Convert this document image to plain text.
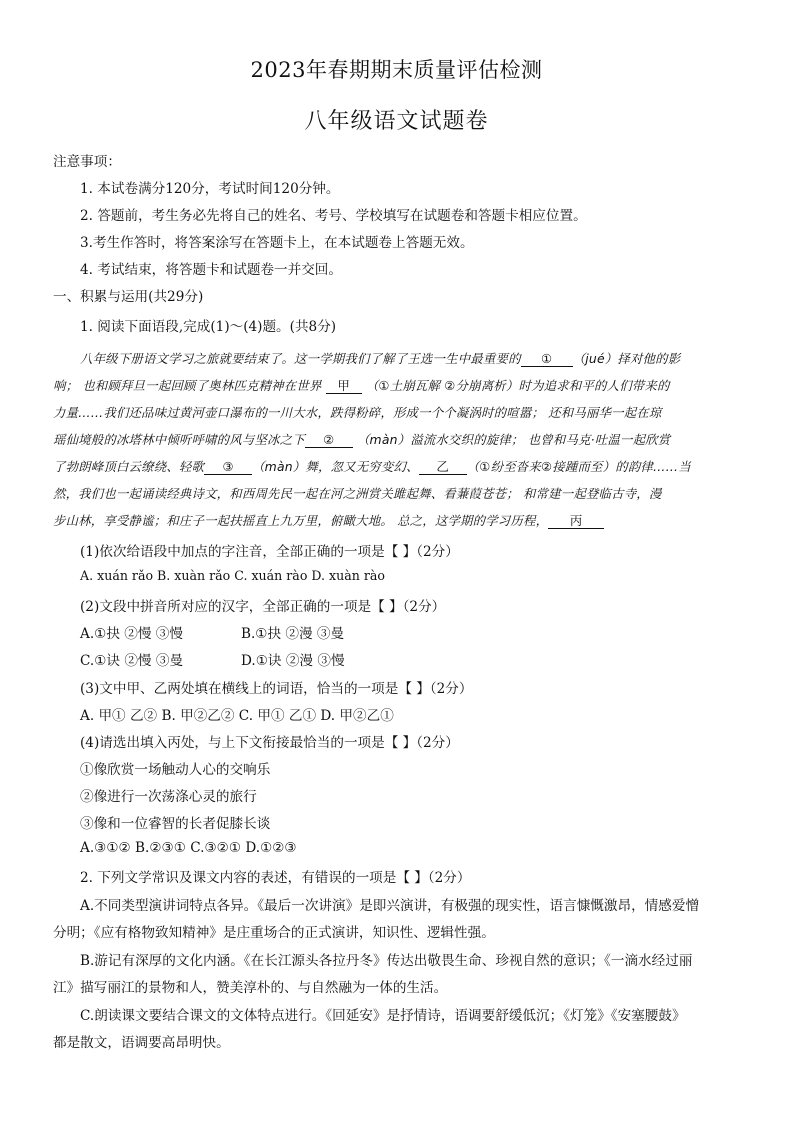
2023年春期期末质量评估检测
八年级语文试题卷
注意事项：
1. 本试卷满分120分，考试时间120分钟。
2. 答题前，考生务必先将自己的姓名、考号、学校填写在试题卷和答题卡相应位置。
3.考生作答时，将答案涂写在答题卡上，在本试题卷上答题无效。
4. 考试结束，将答题卡和试题卷一并交回。
一、积累与运用(共29分)
1. 阅读下面语段,完成(1)～(4)题。(共8分)
八年级下册语文学习之旅就要结束了。这一学期我们了解了王选一生中最重要的 ① （jué）择对他的影
响； 也和顾拜旦一起回顾了奥林匹克精神在世界 甲 （①土崩瓦解 ②分崩离析）时为追求和平的人们带来的
力量……我们还品味过黄河壶口瀑布的一川大水，跌得粉碎，形成一个个凝涡时的喧嚣； 还和马丽华一起在琼
瑶仙境般的冰塔林中倾听呼啸的风与坚冰之下 ② （màn）溢流水交织的旋律； 也曾和马克·吐温一起欣赏
了勃朗峰顶白云缭绕、轻歌 ③ （màn）舞，忽又无穷变幻、 乙 （①纷至沓来②接踵而至）的韵律……当
然，我们也一起诵读经典诗文，和西周先民一起在河之洲赏关雎起舞、看蒹葭苍苍； 和常建一起登临古寺，漫
步山林，享受静谧；和庄子一起扶摇直上九万里，俯瞰大地。 总之，这学期的学习历程， 丙
(1)依次给语段中加点的字注音，全部正确的一项是【 】（2分）
A. xuán rǎo B. xuàn rǎo C. xuán rào D. xuàn rào
(2)文段中拼音所对应的汉字，全部正确的一项是【 】（2分）
A.①抉 ②慢 ③慢	B.①抉 ②漫 ③曼
C.①诀 ②慢 ③曼	D.①诀 ②漫 ③慢
(3)文中甲、乙两处填在横线上的词语，恰当的一项是【 】（2分）
A. 甲① 乙② B. 甲②乙② C. 甲① 乙① D. 甲②乙①
(4)请选出填入丙处，与上下文衔接最恰当的一项是【 】（2分）
①像欣赏一场触动人心的交响乐
②像进行一次荡涤心灵的旅行
③像和一位睿智的长者促膝长谈
A.③①② B.②③① C.③②① D.①②③
2. 下列文学常识及课文内容的表述，有错误的一项是【 】（2分）
A.不同类型演讲词特点各异。《最后一次讲演》是即兴演讲，有极强的现实性，语言慷慨激昂，情感爱憎
分明；《应有格物致知精神》是庄重场合的正式演讲，知识性、逻辑性强。
B.游记有深厚的文化内涵。《在长江源头各拉丹冬》传达出敬畏生命、珍视自然的意识；《一滴水经过丽
江》描写丽江的景物和人，赞美淳朴的、与自然融为一体的生活。
C.朗读课文要结合课文的文体特点进行。《回延安》是抒情诗，语调要舒缓低沉；《灯笼》《安塞腰鼓》
都是散文，语调要高昂明快。
